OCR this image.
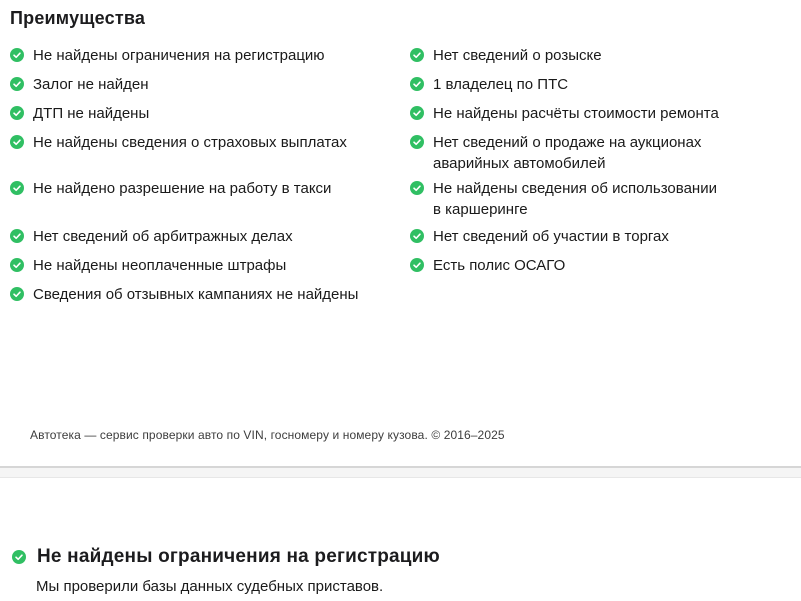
Преимущества
Не найдены ограничения на регистрацию	Нет сведений о розыске
Залог не найден	1 владелец по ПТС
ДТП не найдены	Не найдены расчёты стоимости ремонта
Не найдены сведения о страховых выплатах	Нет сведений о продаже на аукционах аварийных автомобилей
Не найдено разрешение на работу в такси	Не найдены сведения об использовании в каршеринге
Нет сведений об арбитражных делах	Нет сведений об участии в торгах
Не найдены неоплаченные штрафы	Есть полис ОСАГО
Сведения об отзывных кампаниях не найдены
Автотека — сервис проверки авто по VIN, госномеру и номеру кузова. © 2016–2025
Не найдены ограничения на регистрацию

Мы проверили базы данных судебных приставов.
